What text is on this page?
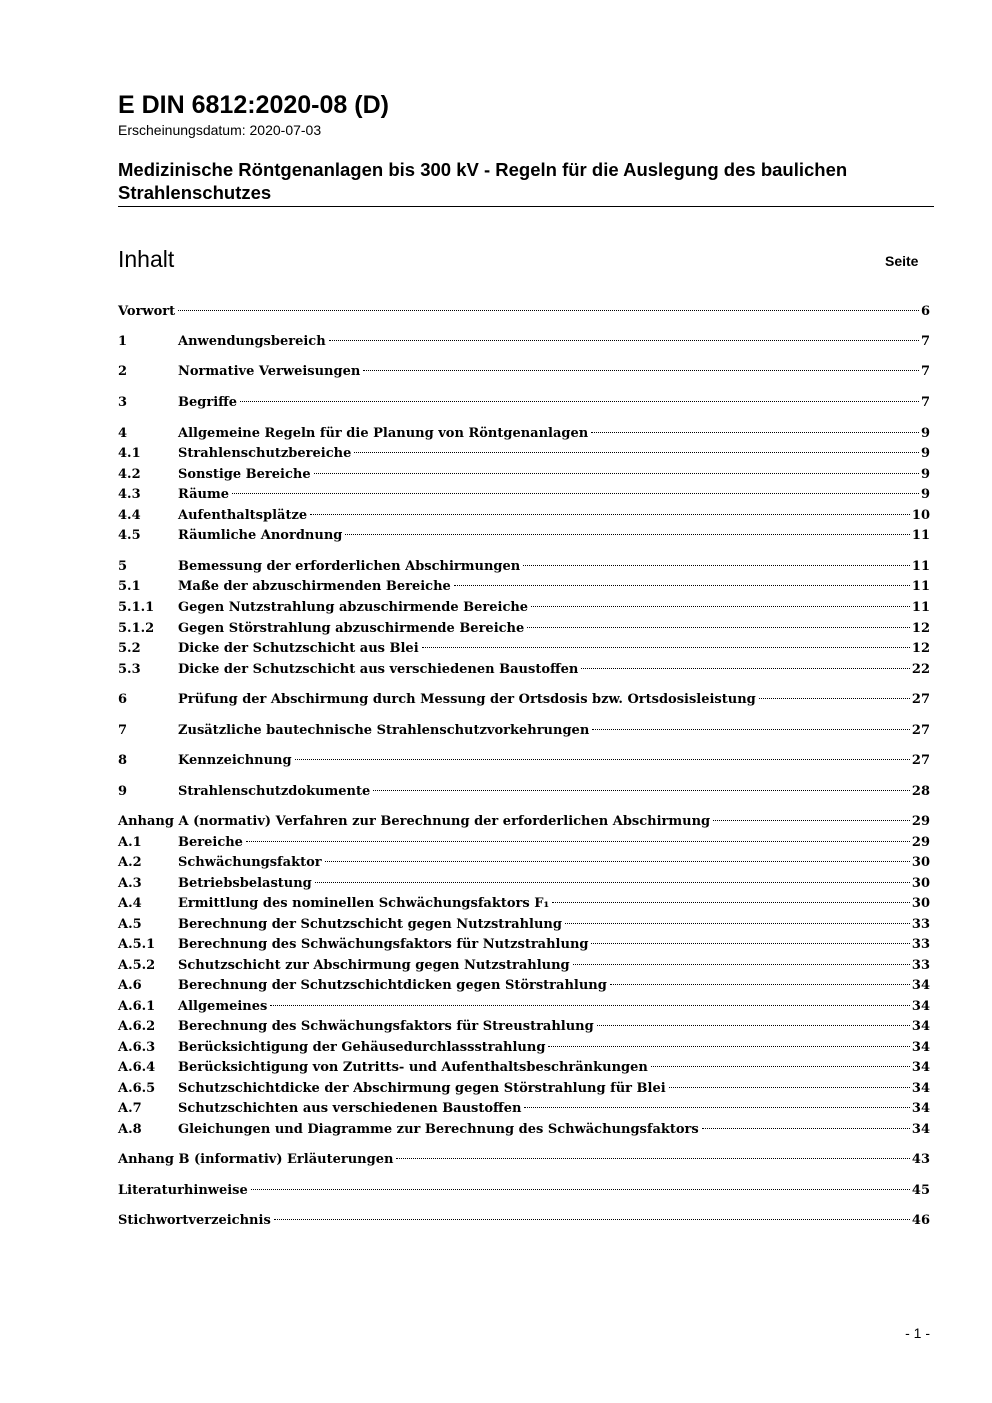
E DIN 6812:2020-08 (D)
Erscheinungsdatum: 2020-07-03
Medizinische Röntgenanlagen bis 300 kV - Regeln für die Auslegung des baulichen Strahlenschutzes
Inhalt	Seite
Vorwort	6
1	Anwendungsbereich	7
2	Normative Verweisungen	7
3	Begriffe	7
4	Allgemeine Regeln für die Planung von Röntgenanlagen	9
4.1	Strahlenschutzbereiche	9
4.2	Sonstige Bereiche	9
4.3	Räume	9
4.4	Aufenthaltsplätze	10
4.5	Räumliche Anordnung	11
5	Bemessung der erforderlichen Abschirmungen	11
5.1	Maße der abzuschirmenden Bereiche	11
5.1.1	Gegen Nutzstrahlung abzuschirmende Bereiche	11
5.1.2	Gegen Störstrahlung abzuschirmende Bereiche	12
5.2	Dicke der Schutzschicht aus Blei	12
5.3	Dicke der Schutzschicht aus verschiedenen Baustoffen	22
6	Prüfung der Abschirmung durch Messung der Ortsdosis bzw. Ortsdosisleistung	27
7	Zusätzliche bautechnische Strahlenschutzvorkehrungen	27
8	Kennzeichnung	27
9	Strahlenschutzdokumente	28
Anhang A (normativ) Verfahren zur Berechnung der erforderlichen Abschirmung	29
A.1	Bereiche	29
A.2	Schwächungsfaktor	30
A.3	Betriebsbelastung	30
A.4	Ermittlung des nominellen Schwächungsfaktors F₁	30
A.5	Berechnung der Schutzschicht gegen Nutzstrahlung	33
A.5.1	Berechnung des Schwächungsfaktors für Nutzstrahlung	33
A.5.2	Schutzschicht zur Abschirmung gegen Nutzstrahlung	33
A.6	Berechnung der Schutzschichtdicken gegen Störstrahlung	34
A.6.1	Allgemeines	34
A.6.2	Berechnung des Schwächungsfaktors für Streustrahlung	34
A.6.3	Berücksichtigung der Gehäusedurchlassstrahlung	34
A.6.4	Berücksichtigung von Zutritts- und Aufenthaltsbeschränkungen	34
A.6.5	Schutzschichtdicke der Abschirmung gegen Störstrahlung für Blei	34
A.7	Schutzschichten aus verschiedenen Baustoffen	34
A.8	Gleichungen und Diagramme zur Berechnung des Schwächungsfaktors	34
Anhang B (informativ) Erläuterungen	43
Literaturhinweise	45
Stichwortverzeichnis	46
- 1 -
